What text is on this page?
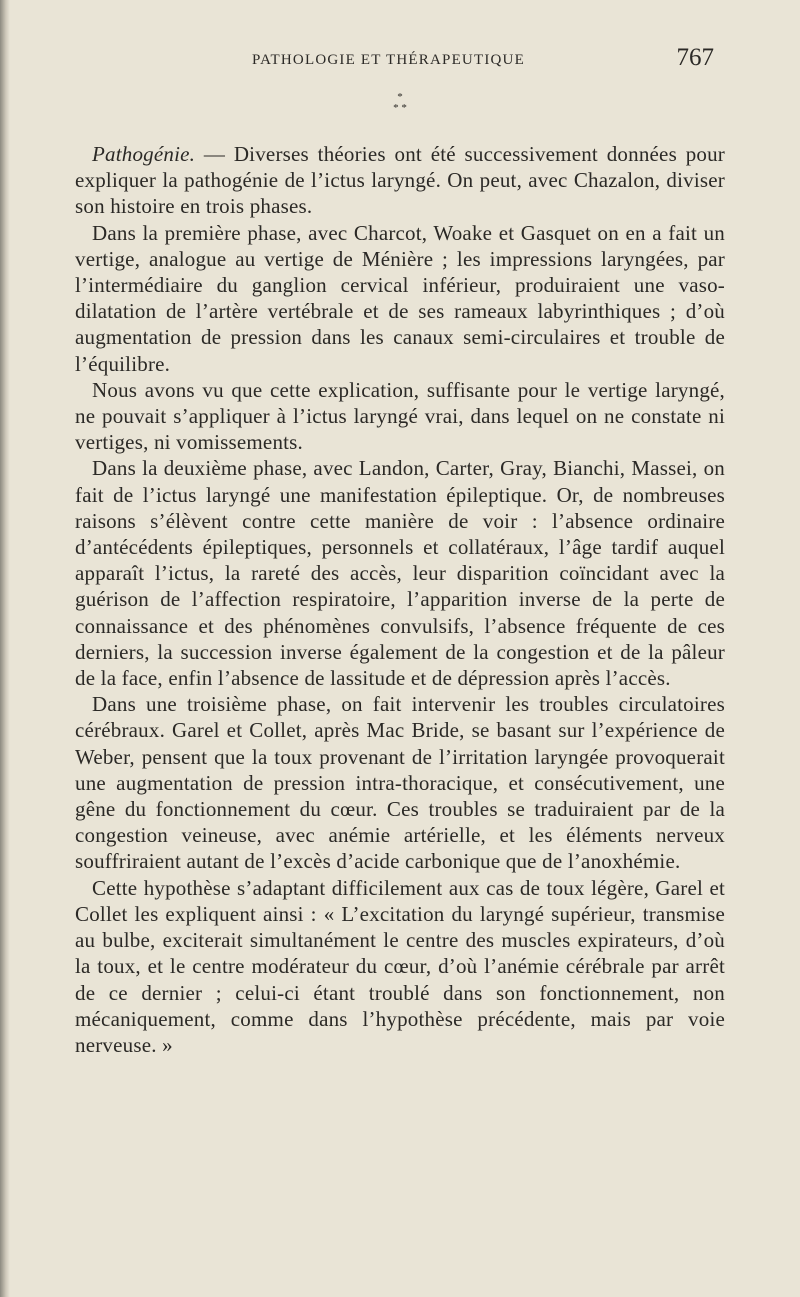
PATHOLOGIE ET THÉRAPEUTIQUE	767
*
* *

Pathogénie. — Diverses théories ont été successivement données pour expliquer la pathogénie de l’ictus laryngé. On peut, avec Chazalon, diviser son histoire en trois phases.

Dans la première phase, avec Charcot, Woake et Gasquet on en a fait un vertige, analogue au vertige de Ménière ; les impressions laryngées, par l’intermédiaire du ganglion cervical inférieur, produiraient une vaso-dilatation de l’artère vertébrale et de ses rameaux labyrinthiques ; d’où augmentation de pression dans les canaux semi-circulaires et trouble de l’équilibre.

Nous avons vu que cette explication, suffisante pour le vertige laryngé, ne pouvait s’appliquer à l’ictus laryngé vrai, dans lequel on ne constate ni vertiges, ni vomissements.

Dans la deuxième phase, avec Landon, Carter, Gray, Bianchi, Massei, on fait de l’ictus laryngé une manifestation épileptique. Or, de nombreuses raisons s’élèvent contre cette manière de voir : l’absence ordinaire d’antécédents épileptiques, personnels et collatéraux, l’âge tardif auquel apparaît l’ictus, la rareté des accès, leur disparition coïncidant avec la guérison de l’affection respiratoire, l’apparition inverse de la perte de connaissance et des phénomènes convulsifs, l’absence fréquente de ces derniers, la succession inverse également de la congestion et de la pâleur de la face, enfin l’absence de lassitude et de dépression après l’accès.

Dans une troisième phase, on fait intervenir les troubles circulatoires cérébraux. Garel et Collet, après Mac Bride, se basant sur l’expérience de Weber, pensent que la toux provenant de l’irritation laryngée provoquerait une augmentation de pression intra-thoracique, et consécutivement, une gêne du fonctionnement du cœur. Ces troubles se traduiraient par de la congestion veineuse, avec anémie artérielle, et les éléments nerveux souffriraient autant de l’excès d’acide carbonique que de l’anoxhémie.

Cette hypothèse s’adaptant difficilement aux cas de toux légère, Garel et Collet les expliquent ainsi : « L’excitation du laryngé supérieur, transmise au bulbe, exciterait simultanément le centre des muscles expirateurs, d’où la toux, et le centre modérateur du cœur, d’où l’anémie cérébrale par arrêt de ce dernier ; celui-ci étant troublé dans son fonctionnement, non mécaniquement, comme dans l’hypothèse précédente, mais par voie nerveuse. »
